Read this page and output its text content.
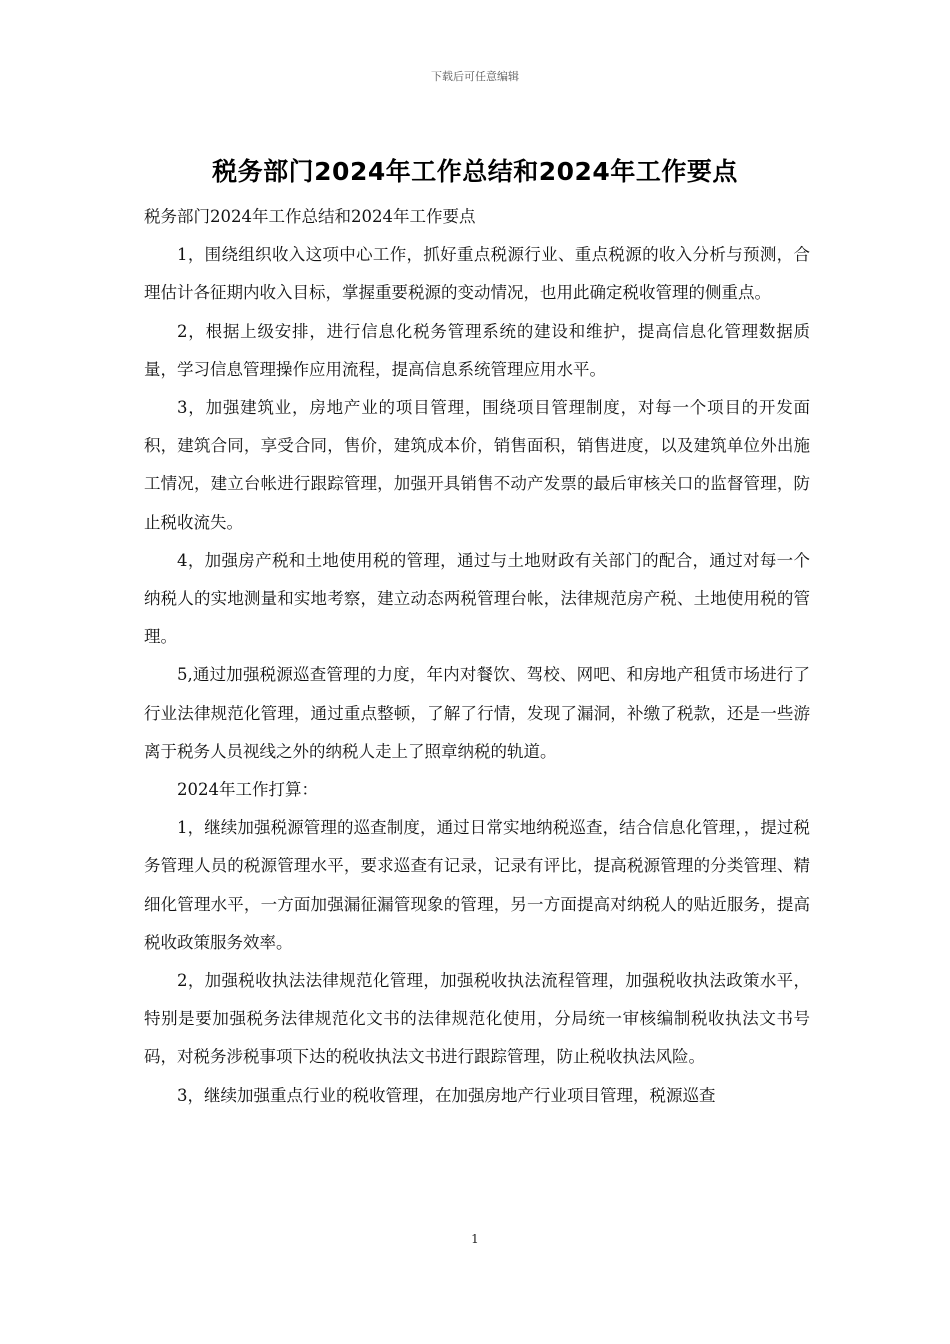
下载后可任意编辑
税务部门2024年工作总结和2024年工作要点

税务部门2024年工作总结和2024年工作要点

1，围绕组织收入这项中心工作，抓好重点税源行业、重点税源的收入分析与预测，合理估计各征期内收入目标，掌握重要税源的变动情况，也用此确定税收管理的侧重点。

2，根据上级安排，进行信息化税务管理系统的建设和维护，提高信息化管理数据质量，学习信息管理操作应用流程，提高信息系统管理应用水平。

3，加强建筑业，房地产业的项目管理，围绕项目管理制度，对每一个项目的开发面积，建筑合同，享受合同，售价，建筑成本价，销售面积，销售进度，以及建筑单位外出施工情况，建立台帐进行跟踪管理，加强开具销售不动产发票的最后审核关口的监督管理，防止税收流失。

4，加强房产税和土地使用税的管理，通过与土地财政有关部门的配合，通过对每一个纳税人的实地测量和实地考察，建立动态两税管理台帐，法律规范房产税、土地使用税的管理。

5,通过加强税源巡查管理的力度，年内对餐饮、驾校、网吧、和房地产租赁市场进行了行业法律规范化管理，通过重点整顿，了解了行情，发现了漏洞，补缴了税款，还是一些游离于税务人员视线之外的纳税人走上了照章纳税的轨道。

2024年工作打算：

1，继续加强税源管理的巡查制度，通过日常实地纳税巡查，结合信息化管理，，提过税务管理人员的税源管理水平，要求巡查有记录，记录有评比，提高税源管理的分类管理、精细化管理水平，一方面加强漏征漏管现象的管理，另一方面提高对纳税人的贴近服务，提高税收政策服务效率。

2，加强税收执法法律规范化管理，加强税收执法流程管理，加强税收执法政策水平，特别是要加强税务法律规范化文书的法律规范化使用，分局统一审核编制税收执法文书号码，对税务涉税事项下达的税收执法文书进行跟踪管理，防止税收执法风险。

3，继续加强重点行业的税收管理，在加强房地产行业项目管理，税源巡查

1
